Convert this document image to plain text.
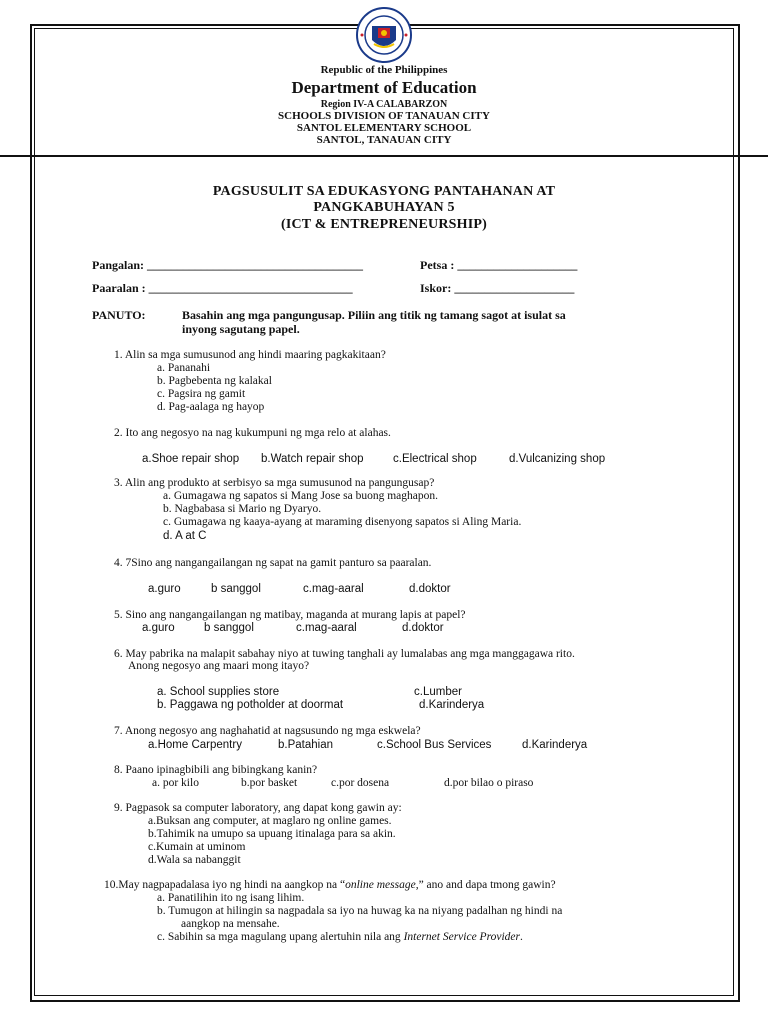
Republic of the Philippines
Department of Education
Region IV-A CALABARZON
SCHOOLS DIVISION OF TANAUAN CITY
SANTOL ELEMENTARY SCHOOL
SANTOL, TANAUAN CITY
PAGSUSULIT SA EDUKASYONG PANTAHANAN AT
PANGKABUHAYAN 5
(ICT & ENTREPRENEURSHIP)
Pangalan: ____________________________________	Petsa : ____________________
Paaralan : __________________________________	Iskor: ____________________
PANUTO:	Basahin ang mga pangungusap. Piliin ang titik ng tamang sagot at isulat sa
inyong sagutang papel.
1. Alin sa mga sumusunod ang hindi maaring pagkakitaan?
a. Pananahi
b. Pagbebenta ng kalakal
c. Pagsira ng gamit
d. Pag-aalaga ng hayop
2. Ito ang negosyo na nag kukumpuni ng mga relo at alahas.
a.Shoe repair shop b.Watch repair shop	c.Electrical shop	d.Vulcanizing shop
3. Alin ang produkto at serbisyo sa mga sumusunod na pangungusap?
a. Gumagawa ng sapatos si Mang Jose sa buong maghapon.
b. Nagbabasa si Mario ng Dyaryo.
c. Gumagawa ng kaaya-ayang at maraming disenyong sapatos si Aling Maria.
d. A at C
4. 7Sino ang nangangailangan ng sapat na gamit panturo sa paaralan.
a.guro	b sanggol	c.mag-aaral	d.doktor
5. Sino ang nangangailangan ng matibay, maganda at murang lapis at papel?
a.guro	b sanggol	c.mag-aaral	d.doktor
6. May pabrika na malapit sabahay niyo at tuwing tanghali ay lumalabas ang mga manggagawa rito.
Anong negosyo ang maari mong itayo?
a. School supplies store
b. Paggawa ng potholder at doormat
c.Lumber
d.Karinderya
7. Anong negosyo ang naghahatid at nagsusundo ng mga eskwela?
a.Home Carpentry	b.Patahian	c.School Bus Services	d.Karinderya
8. Paano ipinagbibili ang bibingkang kanin?
a. por kilo	b.por basket	c.por dosena	d.por bilao o piraso
9. Pagpasok sa computer laboratory, ang dapat kong gawin ay:
a.Buksan ang computer, at maglaro ng online games.
b.Tahimik na umupo sa upuang itinalaga para sa akin.
c.Kumain at uminom
d.Wala sa nabanggit
10.May nagpapadalasa iyo ng hindi na aangkop na “online message,” ano and dapa tmong gawin?
a. Panatilihin ito ng isang lihim.
b. Tumugon at hilingin sa nagpadala sa iyo na huwag ka na niyang padalhan ng hindi na
aangkop na mensahe.
c. Sabihin sa mga magulang upang alertuhin nila ang Internet Service Provider.
